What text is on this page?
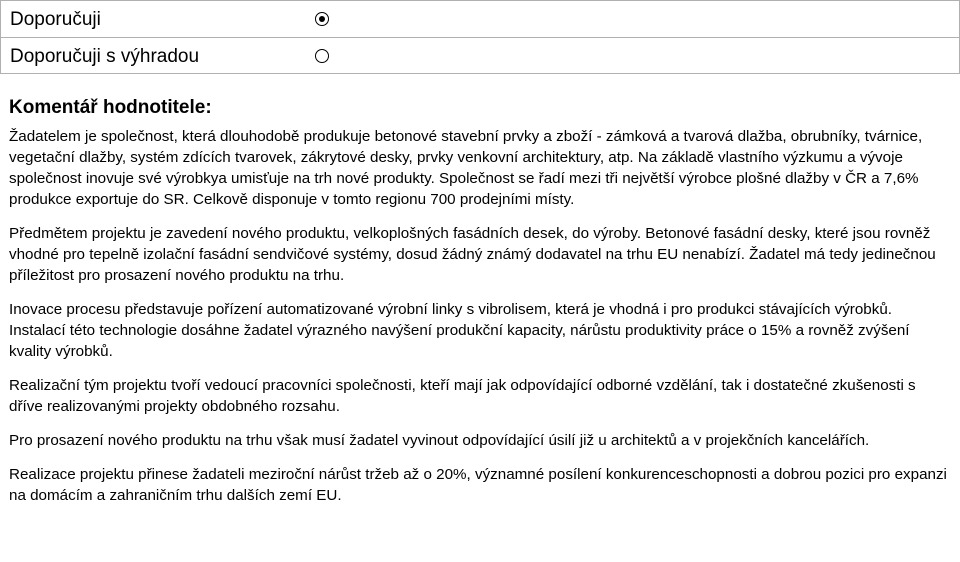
Doporučuji
Doporučuji s výhradou
Komentář hodnotitele:

Žadatelem je společnost, která dlouhodobě produkuje betonové stavební prvky a zboží - zámková a tvarová dlažba, obrubníky, tvárnice, vegetační dlažby, systém zdících tvarovek, zákrytové desky, prvky venkovní architektury, atp. Na základě vlastního výzkumu a vývoje společnost inovuje své výrobkya umisťuje na trh nové produkty. Společnost se řadí mezi tři největší výrobce plošné dlažby v ČR a 7,6% produkce exportuje do SR. Celkově disponuje v tomto regionu 700 prodejními místy.

Předmětem projektu je zavedení nového produktu, velkoplošných fasádních desek, do výroby. Betonové fasádní desky, které jsou rovněž vhodné pro tepelně izolační fasádní sendvičové systémy, dosud žádný známý dodavatel na trhu EU nenabízí. Žadatel má tedy jedinečnou příležitost pro prosazení nového produktu na trhu.

Inovace procesu představuje pořízení automatizované výrobní linky s vibrolisem, která je vhodná i pro produkci stávajících výrobků. Instalací této technologie dosáhne žadatel výrazného navýšení produkční kapacity, nárůstu produktivity práce o 15% a rovněž zvýšení kvality výrobků.

Realizační tým projektu tvoří vedoucí pracovníci společnosti, kteří mají jak odpovídající odborné vzdělání, tak i dostatečné zkušenosti s dříve realizovanými projekty obdobného rozsahu.

Pro prosazení nového produktu na trhu však musí žadatel vyvinout odpovídající úsilí již u architektů a v projekčních kancelářích.

Realizace projektu přinese žadateli meziroční nárůst tržeb až o 20%, významné posílení konkurenceschopnosti a dobrou pozici pro expanzi na domácím a zahraničním trhu dalších zemí EU.
